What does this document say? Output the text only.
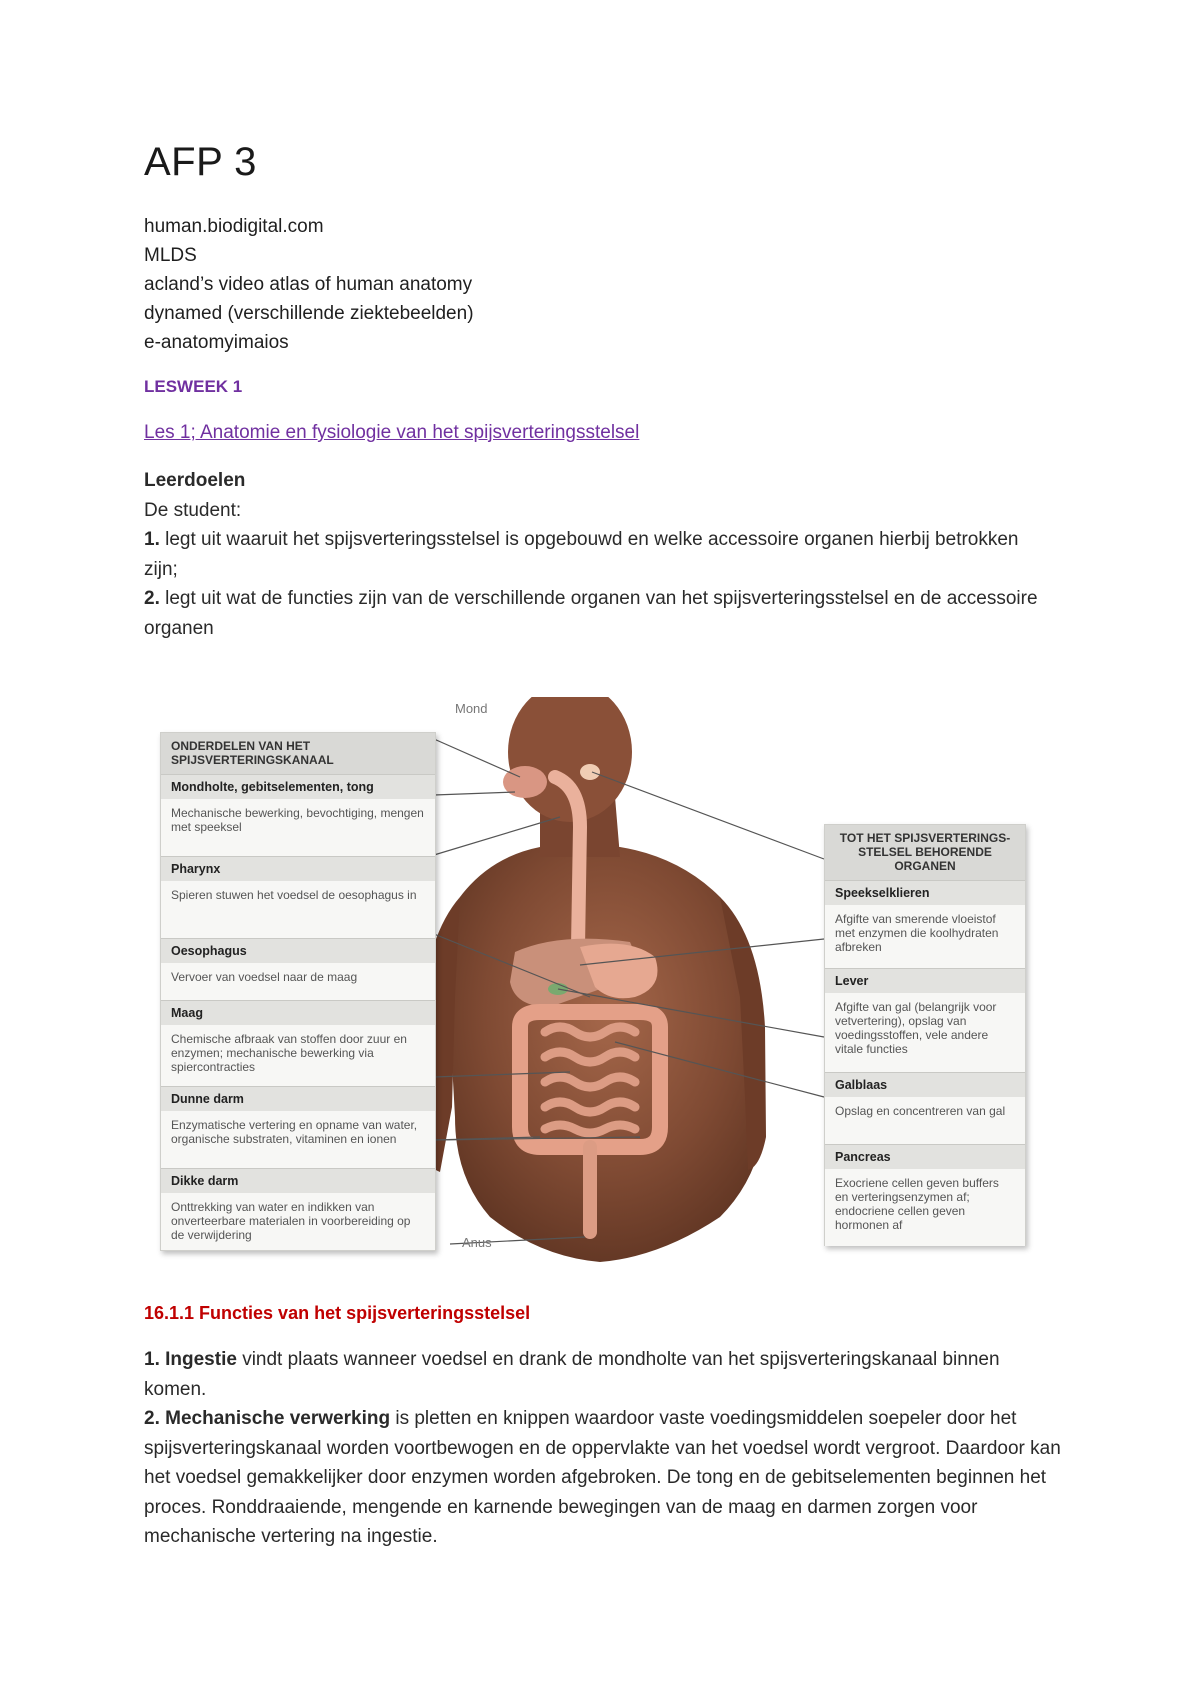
AFP 3
human.biodigital.com
MLDS
acland’s video atlas of human anatomy
dynamed (verschillende ziektebeelden)
e-anatomyimaios
LESWEEK 1
Les 1; Anatomie en fysiologie van het spijsverteringsstelsel
Leerdoelen
De student:
1. legt uit waaruit het spijsverteringsstelsel is opgebouwd en welke accessoire organen hierbij betrokken zijn;
2. legt uit wat de functies zijn van de verschillende organen van het spijsverteringsstelsel en de accessoire organen
Mond
Anus
ONDERDELEN VAN HET SPIJSVERTERINGSKANAAL
Mondholte, gebitselementen, tong
Mechanische bewerking, bevochtiging, mengen met speeksel
Pharynx
Spieren stuwen het voedsel de oesophagus in
Oesophagus
Vervoer van voedsel naar de maag
Maag
Chemische afbraak van stoffen door zuur en enzymen; mechanische bewerking via spiercontracties
Dunne darm
Enzymatische vertering en opname van water, organische substraten, vitaminen en ionen
Dikke darm
Onttrekking van water en indikken van onverteerbare materialen in voorbereiding op de verwijdering
TOT HET SPIJSVERTERINGS-STELSEL BEHORENDE ORGANEN
Speekselklieren
Afgifte van smerende vloeistof met enzymen die koolhydraten afbreken
Lever
Afgifte van gal (belangrijk voor vetvertering), opslag van voedingsstoffen, vele andere vitale functies
Galblaas
Opslag en concentreren van gal
Pancreas
Exocriene cellen geven buffers en verteringsenzymen af; endocriene cellen geven hormonen af
16.1.1 Functies van het spijsverteringsstelsel
1. Ingestie vindt plaats wanneer voedsel en drank de mondholte van het spijsverteringskanaal binnen komen.
2. Mechanische verwerking is pletten en knippen waardoor vaste voedingsmiddelen soepeler door het spijsverteringskanaal worden voortbewogen en de oppervlakte van het voedsel wordt vergroot. Daardoor kan het voedsel gemakkelijker door enzymen worden afgebroken. De tong en de gebitselementen beginnen het proces. Ronddraaiende, mengende en karnende bewegingen van de maag en darmen zorgen voor mechanische vertering na ingestie.
